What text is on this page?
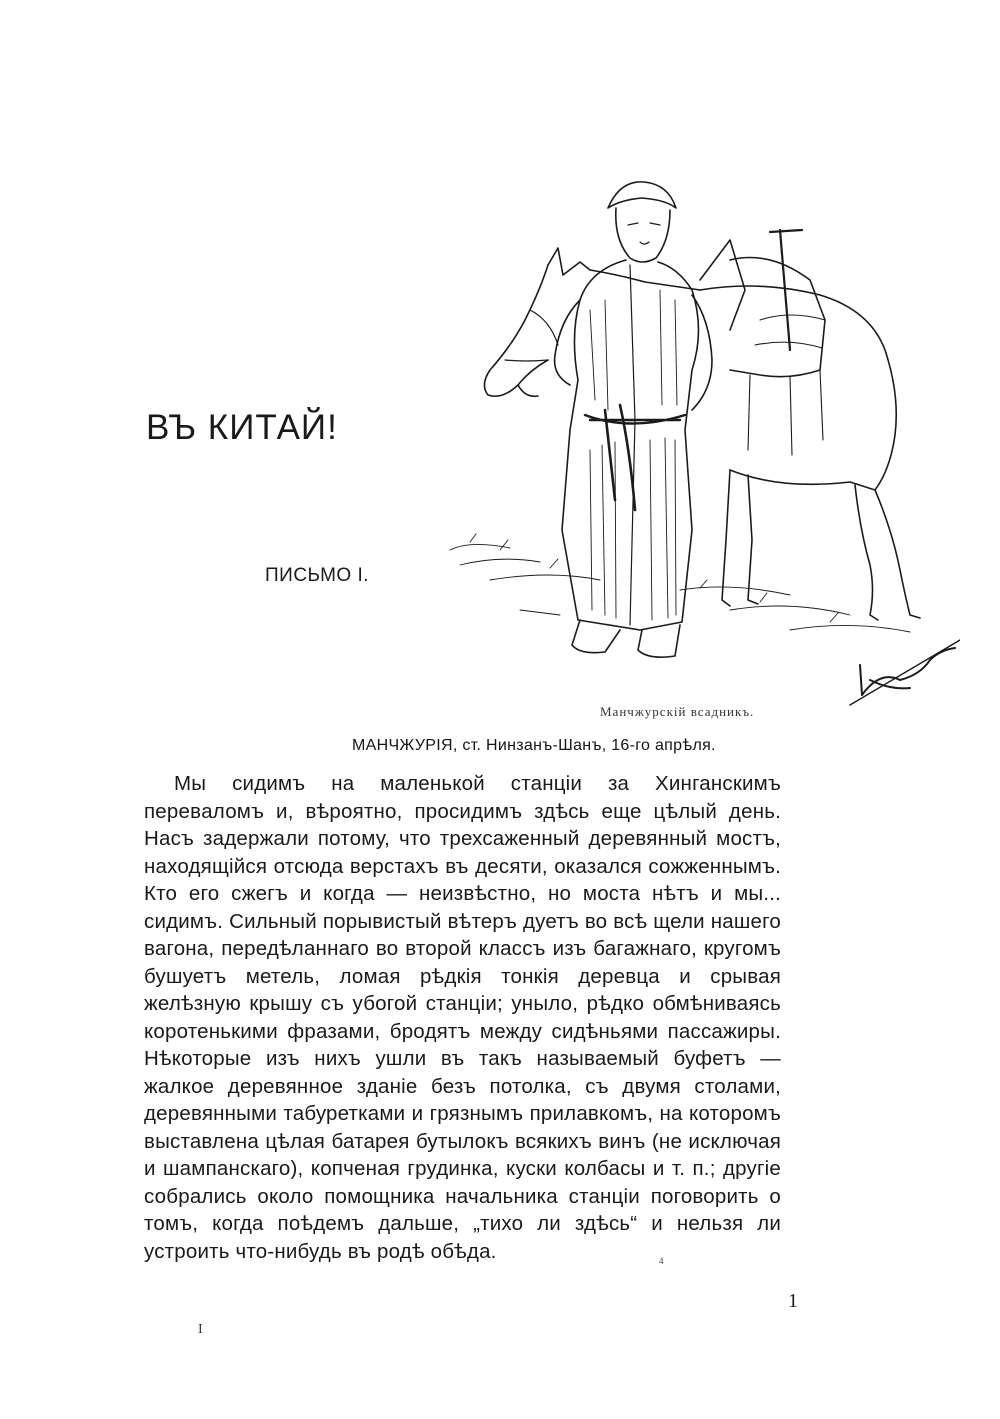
ВЪ КИТАЙ!
ПИСЬМО I.
Манчжурскій всадникъ.
МАНЧЖУРІЯ, ст. Нинзанъ-Шанъ, 16-го апрѣля.

Мы сидимъ на маленькой станціи за Хинганскимъ перевaломъ и, вѣроятно, просидимъ здѣсь еще цѣлый день. Насъ задержали потому, что трехсаженный деревянный мостъ, находящійся отсюда верстахъ въ десяти, оказался сожженнымъ. Кто его сжегъ и когда — неизвѣстно, но моста нѣтъ и мы... сидимъ. Сильный порывистый вѣтеръ дуетъ во всѣ щели нашего вагона, передѣланнаго во второй классъ изъ багажнаго, кругомъ бушуетъ метель, ломая рѣдкія тонкія деревца и срывая желѣзную крышу съ убогой станціи; уныло, рѣдко обмѣниваясь коротенькими фразами, бродятъ между сидѣньями пассажиры. Нѣкоторые изъ нихъ ушли въ такъ называемый буфетъ — жалкое деревянное зданіе безъ потолка, съ двумя столами, деревянными табуретками и грязнымъ прилавкомъ, на которомъ выставлена цѣлая батарея бутылокъ всякихъ винъ (не исключая и шампанскаго), копченая грудинка, куски колбасы и т. п.; другіе собрались около помощника начальника станціи поговорить о томъ, когда поѣдемъ дальше, „тихо ли здѣсь“ и нельзя ли устроить что-нибудь въ родѣ обѣда.	4
1
I
